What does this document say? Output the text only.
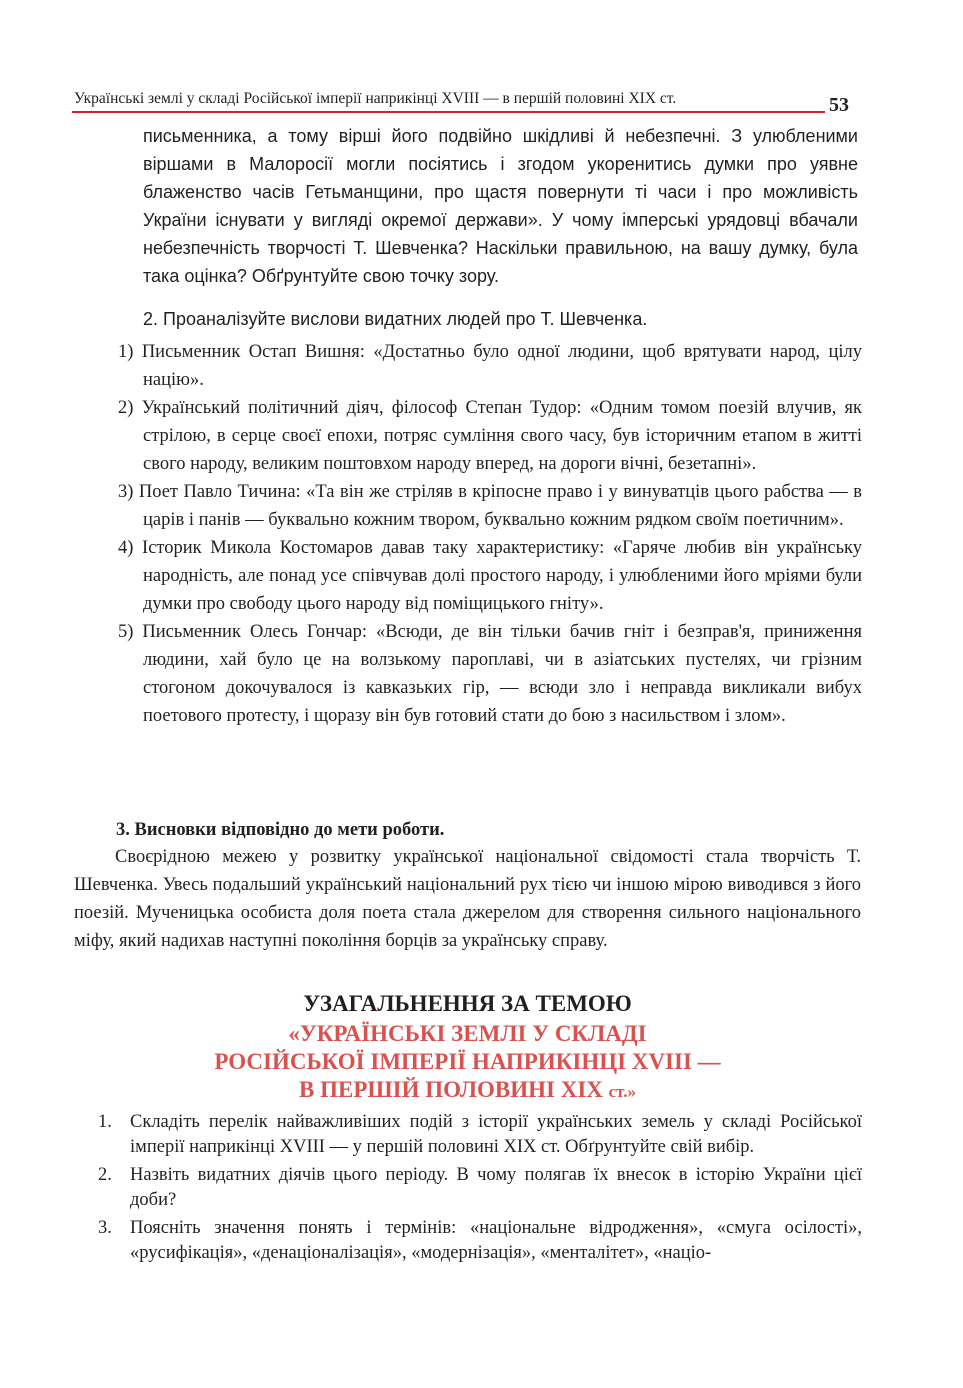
Українські землі у складі Російської імперії наприкінці XVIII — в першій половині XIX ст.	53

письменника, а тому вірші його подвійно шкідливі й небезпечні. З улюбленими віршами в Малоросії могли посіятись і згодом укоренитись думки про уявне блаженство часів Гетьманщини, про щастя повернути ті часи і про можливість України існувати у вигляді окремої держави». У чому імперські урядовці вбачали небезпечність творчості Т. Шевченка? Наскільки правильною, на вашу думку, була така оцінка? Обґрунтуйте свою точку зору.

2. Проаналізуйте вислови видатних людей про Т. Шевченка.
1) Письменник Остап Вишня: «Достатньо було одної людини, щоб врятувати народ, цілу націю».
2) Український політичний діяч, філософ Степан Тудор: «Одним томом поезій влучив, як стрілою, в серце своєї епохи, потряс сумління свого часу, був історичним етапом в житті свого народу, великим поштовхом народу вперед, на дороги вічні, безетапні».
3) Поет Павло Тичина: «Та він же стріляв в кріпосне право і у винуватців цього рабства — в царів і панів — буквально кожним твором, буквально кожним рядком своїм поетичним».
4) Історик Микола Костомаров давав таку характеристику: «Гаряче любив він українську народність, але понад усе співчував долі простого народу, і улюбленими його мріями були думки про свободу цього народу від поміщицького гніту».
5) Письменник Олесь Гончар: «Всюди, де він тільки бачив гніт і безправ'я, приниження людини, хай було це на волзькому пароплаві, чи в азіатських пустелях, чи грізним стогоном докочувалося із кавказьких гір, — всюди зло і неправда викликали вибух поетового протесту, і щоразу він був готовий стати до бою з насильством і злом».
3. Висновки відповідно до мети роботи.
Своєрідною межею у розвитку української національної свідомості стала творчість Т. Шевченка. Увесь подальший український національний рух тією чи іншою мірою виводився з його поезій. Мученицька особиста доля поета стала джерелом для створення сильного національного міфу, який надихав наступні покоління борців за українську справу.
УЗАГАЛЬНЕННЯ ЗА ТЕМОЮ
«УКРАЇНСЬКІ ЗЕМЛІ У СКЛАДІ
РОСІЙСЬКОЇ ІМПЕРІЇ НАПРИКІНЦІ XVIII —
В ПЕРШІЙ ПОЛОВИНІ XIX ст.»
1. Складіть перелік найважливіших подій з історії українських земель у складі Російської імперії наприкінці XVIII — у першій половині XIX ст. Обґрунтуйте свій вибір.
2. Назвіть видатних діячів цього періоду. В чому полягав їх внесок в історію України цієї доби?
3. Поясніть значення понять і термінів: «національне відродження», «смуга осілості», «русифікація», «денаціоналізація», «модернізація», «менталітет», «націо-
